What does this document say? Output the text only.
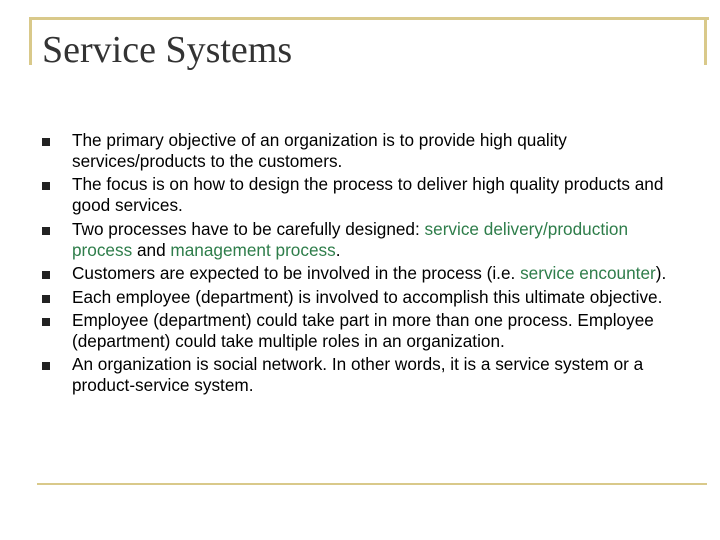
Service Systems
The primary objective of an organization is to provide high quality services/products to the customers.
The focus is on how to design the process to deliver high quality products and good services.
Two processes have to be carefully designed: service delivery/production process and management process.
Customers are expected to be involved in the process (i.e. service encounter).
Each employee (department) is involved to accomplish this ultimate objective.
Employee (department) could take part in more than one process. Employee (department) could take multiple roles in an organization.
An organization is social network. In other words, it is a service system or a product-service system.
